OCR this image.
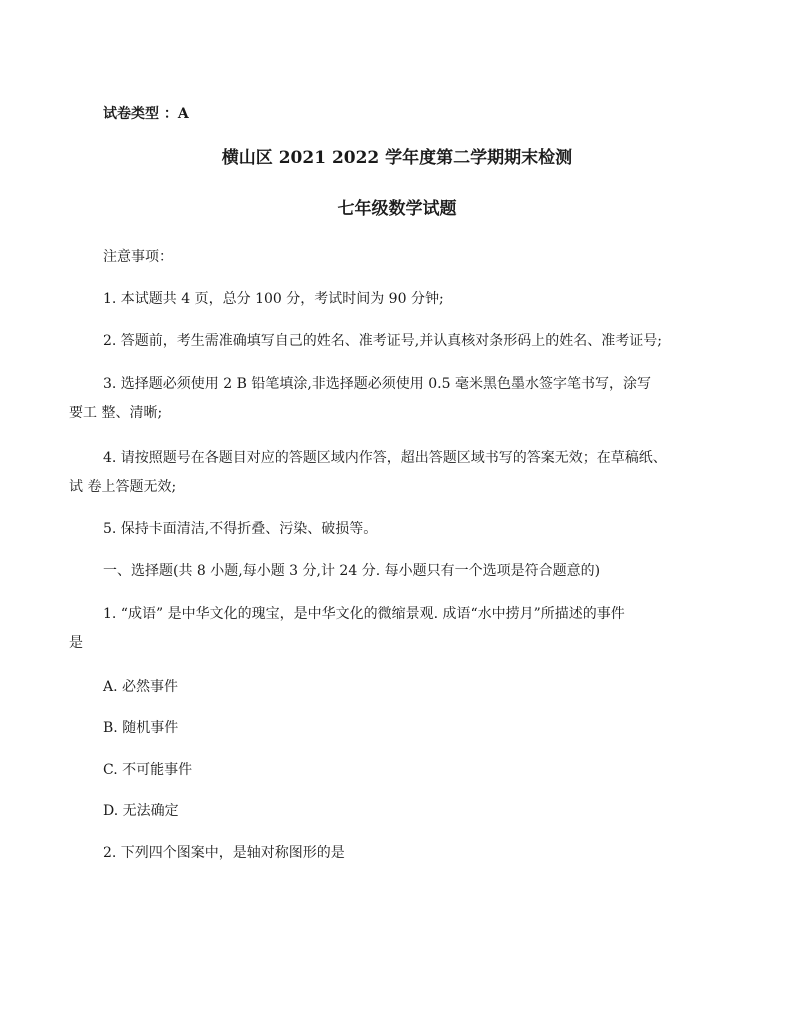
试卷类型 ：A
横山区 2021 2022 学年度第二学期期末检测
七年级数学试题
注意事项：
1. 本试题共 4 页，总分 100 分，考试时间为 90 分钟;
2. 答题前，考生需准确填写自己的姓名、准考证号,并认真核对条形码上的姓名、准考证号;
3. 选择题必须使用 2 B 铅笔填涂,非选择题必须使用 0.5 毫米黑色墨水签字笔书写，涂写
要工 整、清晰;
4. 请按照题号在各题目对应的答题区域内作答，超出答题区域书写的答案无效；在草稿纸、
试 卷上答题无效;
5. 保持卡面清洁,不得折叠、污染、破损等。
一、选择题(共 8 小题,每小题 3 分,计 24 分. 每小题只有一个选项是符合题意的)
1. “成语” 是中华文化的瑰宝，是中华文化的微缩景观. 成语“水中捞月”所描述的事件
是
A. 必然事件
B. 随机事件
C. 不可能事件
D. 无法确定
2. 下列四个图案中，是轴对称图形的是
